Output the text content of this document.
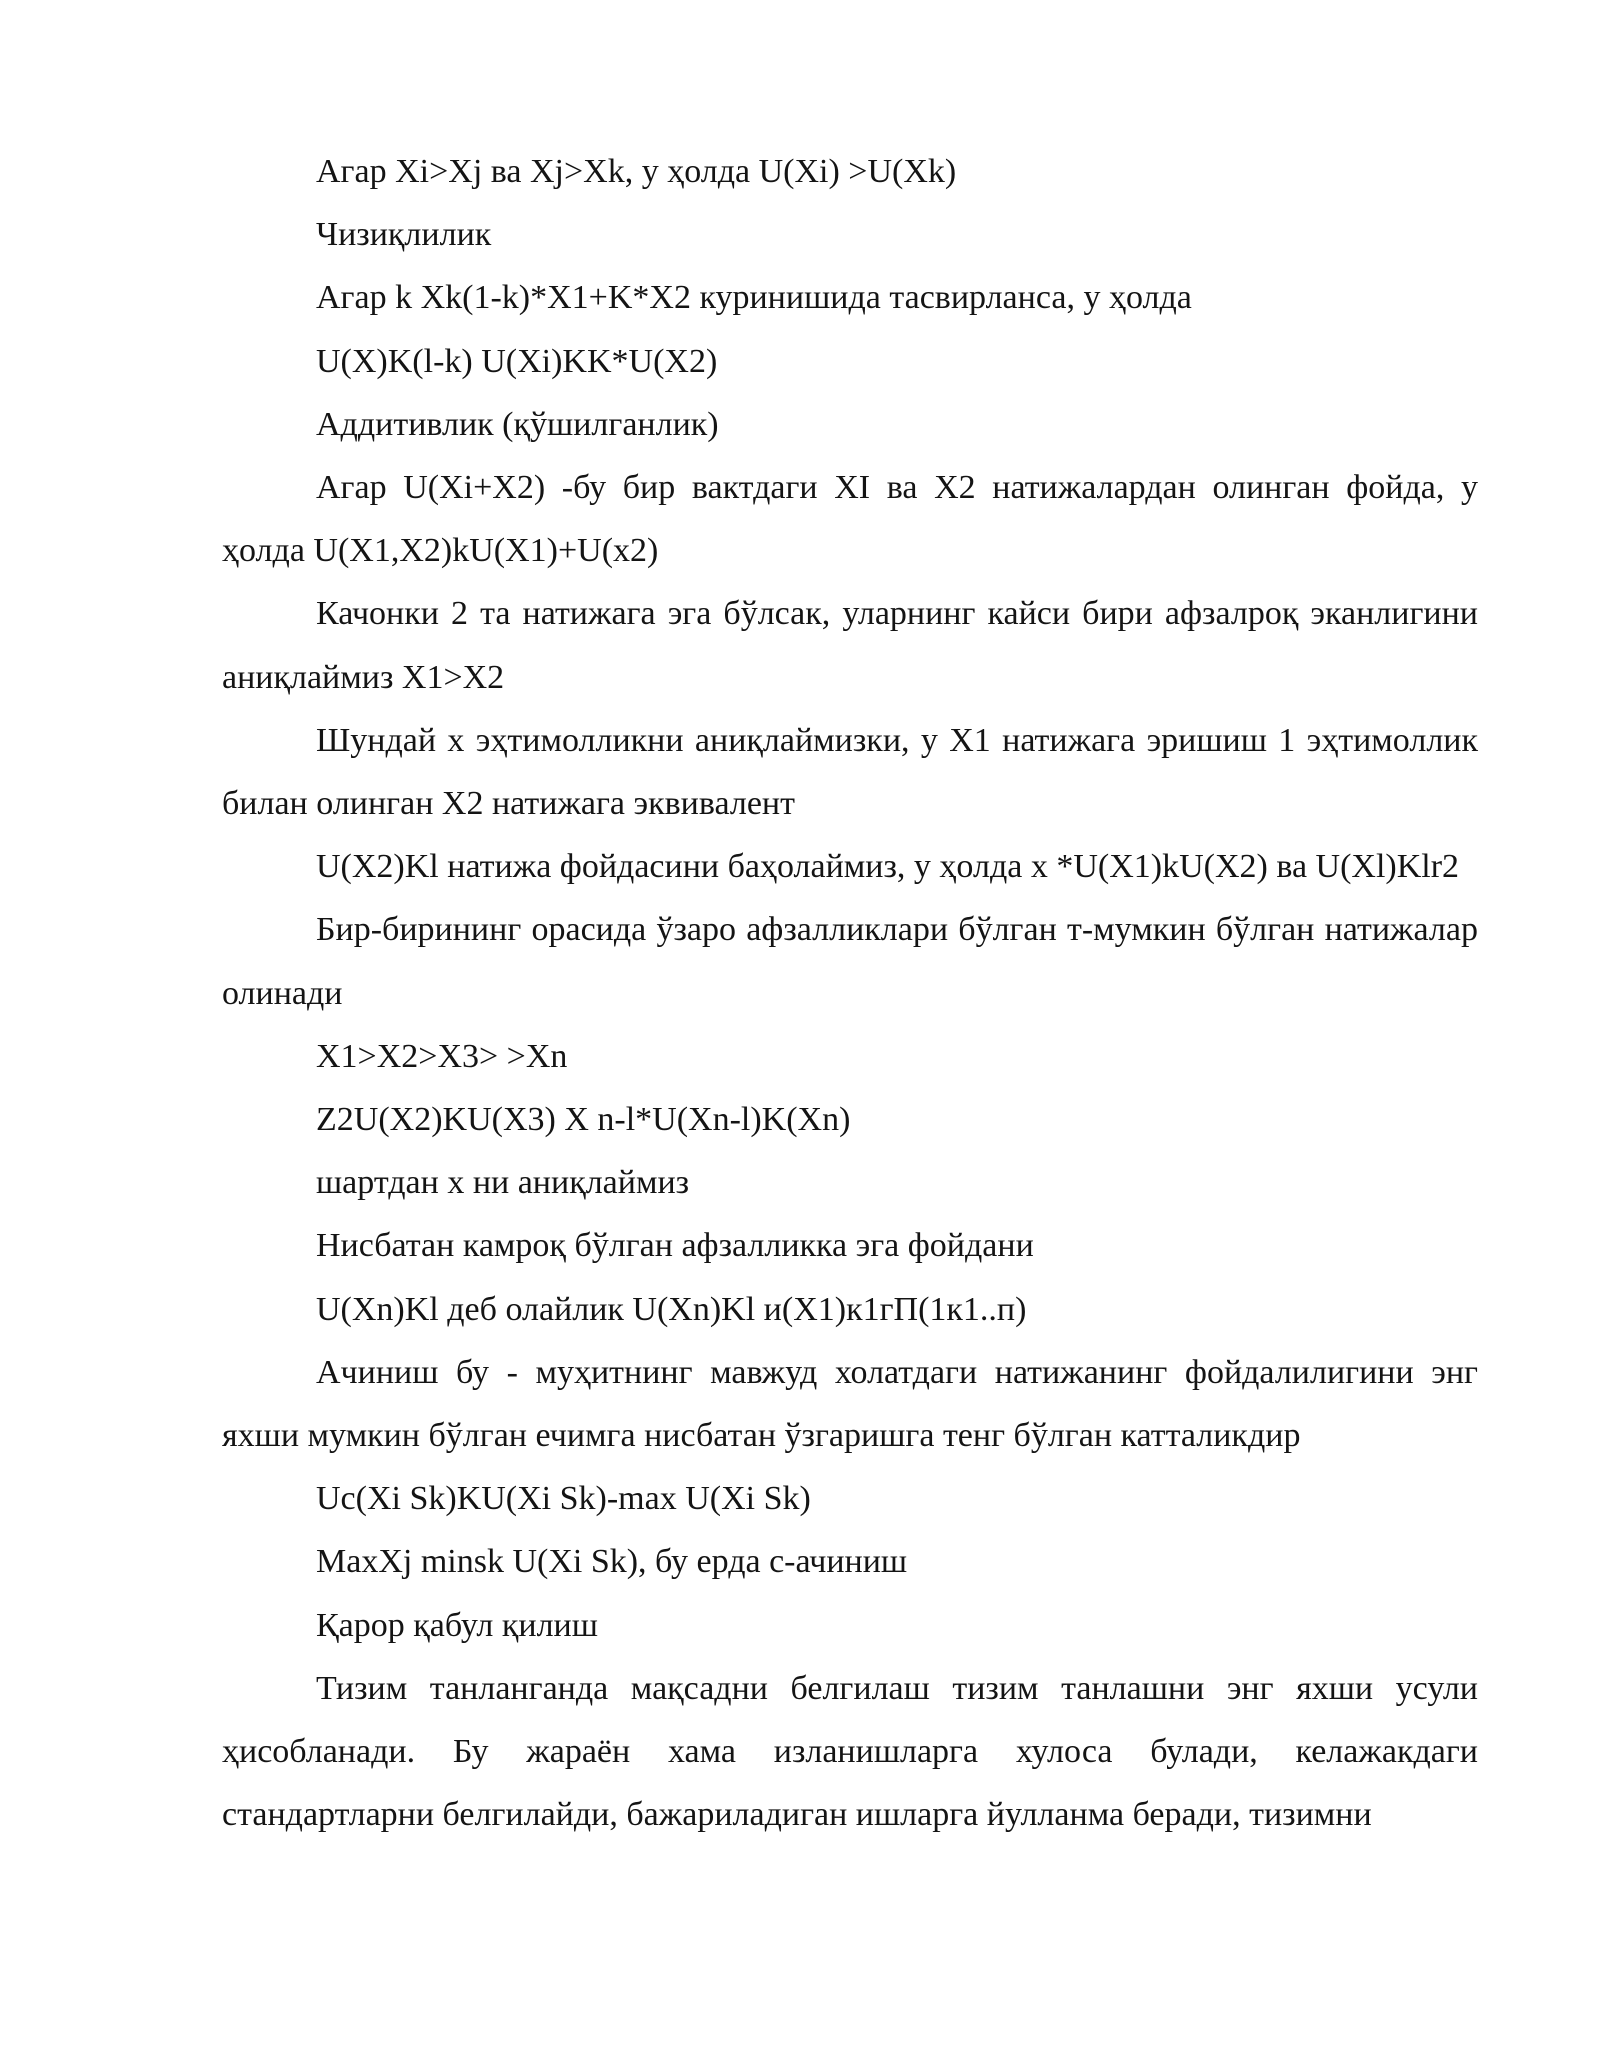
Агар Xi>Xj ва Xj>Xk, у ҳолда U(Xi) >U(Xk)

Чизиқлилик

Агар k Xk(1-k)*X1+K*X2 куринишида тасвирланса, у ҳолда

U(X)K(l-k) U(Xi)KK*U(X2)

Аддитивлик (қўшилганлик)

Агар U(Xi+X2) -бу бир вактдаги XI ва X2 натижалардан олинган фойда, у ҳолда U(X1,X2)kU(X1)+U(x2)

Качонки 2 та натижага эга бўлсак, уларнинг кайси бири афзалроқ эканлигини аниқлаймиз X1>X2

Шундай х эҳтимолликни аниқлаймизки, у X1 натижага эришиш 1 эҳтимоллик билан олинган X2 натижага эквивалент

U(X2)Kl натижа фойдасини баҳолаймиз, у ҳолда х *U(X1)kU(X2) ва U(Xl)Klr2

Бир-бирининг орасида ўзаро афзалликлари бўлган т-мумкин бўлган натижалар олинади

X1>X2>X3> >Xn

Z2U(X2)KU(X3) X n-l*U(Xn-l)K(Xn)

шартдан х ни аниқлаймиз

Нисбатан камроқ бўлган афзалликка эга фойдани

U(Xn)Kl деб олайлик U(Xn)Kl и(X1)к1гП(1к1..п)

Ачиниш бу - муҳитнинг мавжуд холатдаги натижанинг фойдалилигини энг яхши мумкин бўлган ечимга нисбатан ўзгаришга тенг бўлган катталикдир

Uc(Xi Sk)KU(Xi Sk)-max U(Xi Sk)

MaxXj minsk U(Xi Sk), бу ерда с-ачиниш

Қарор қабул қилиш

Тизим танланганда мақсадни белгилаш тизим танлашни энг яхши усули ҳисобланади. Бу жараён хама изланишларга хулоса булади, келажакдаги стандартларни белгилайди, бажариладиган ишларга йулланма беради, тизимни
